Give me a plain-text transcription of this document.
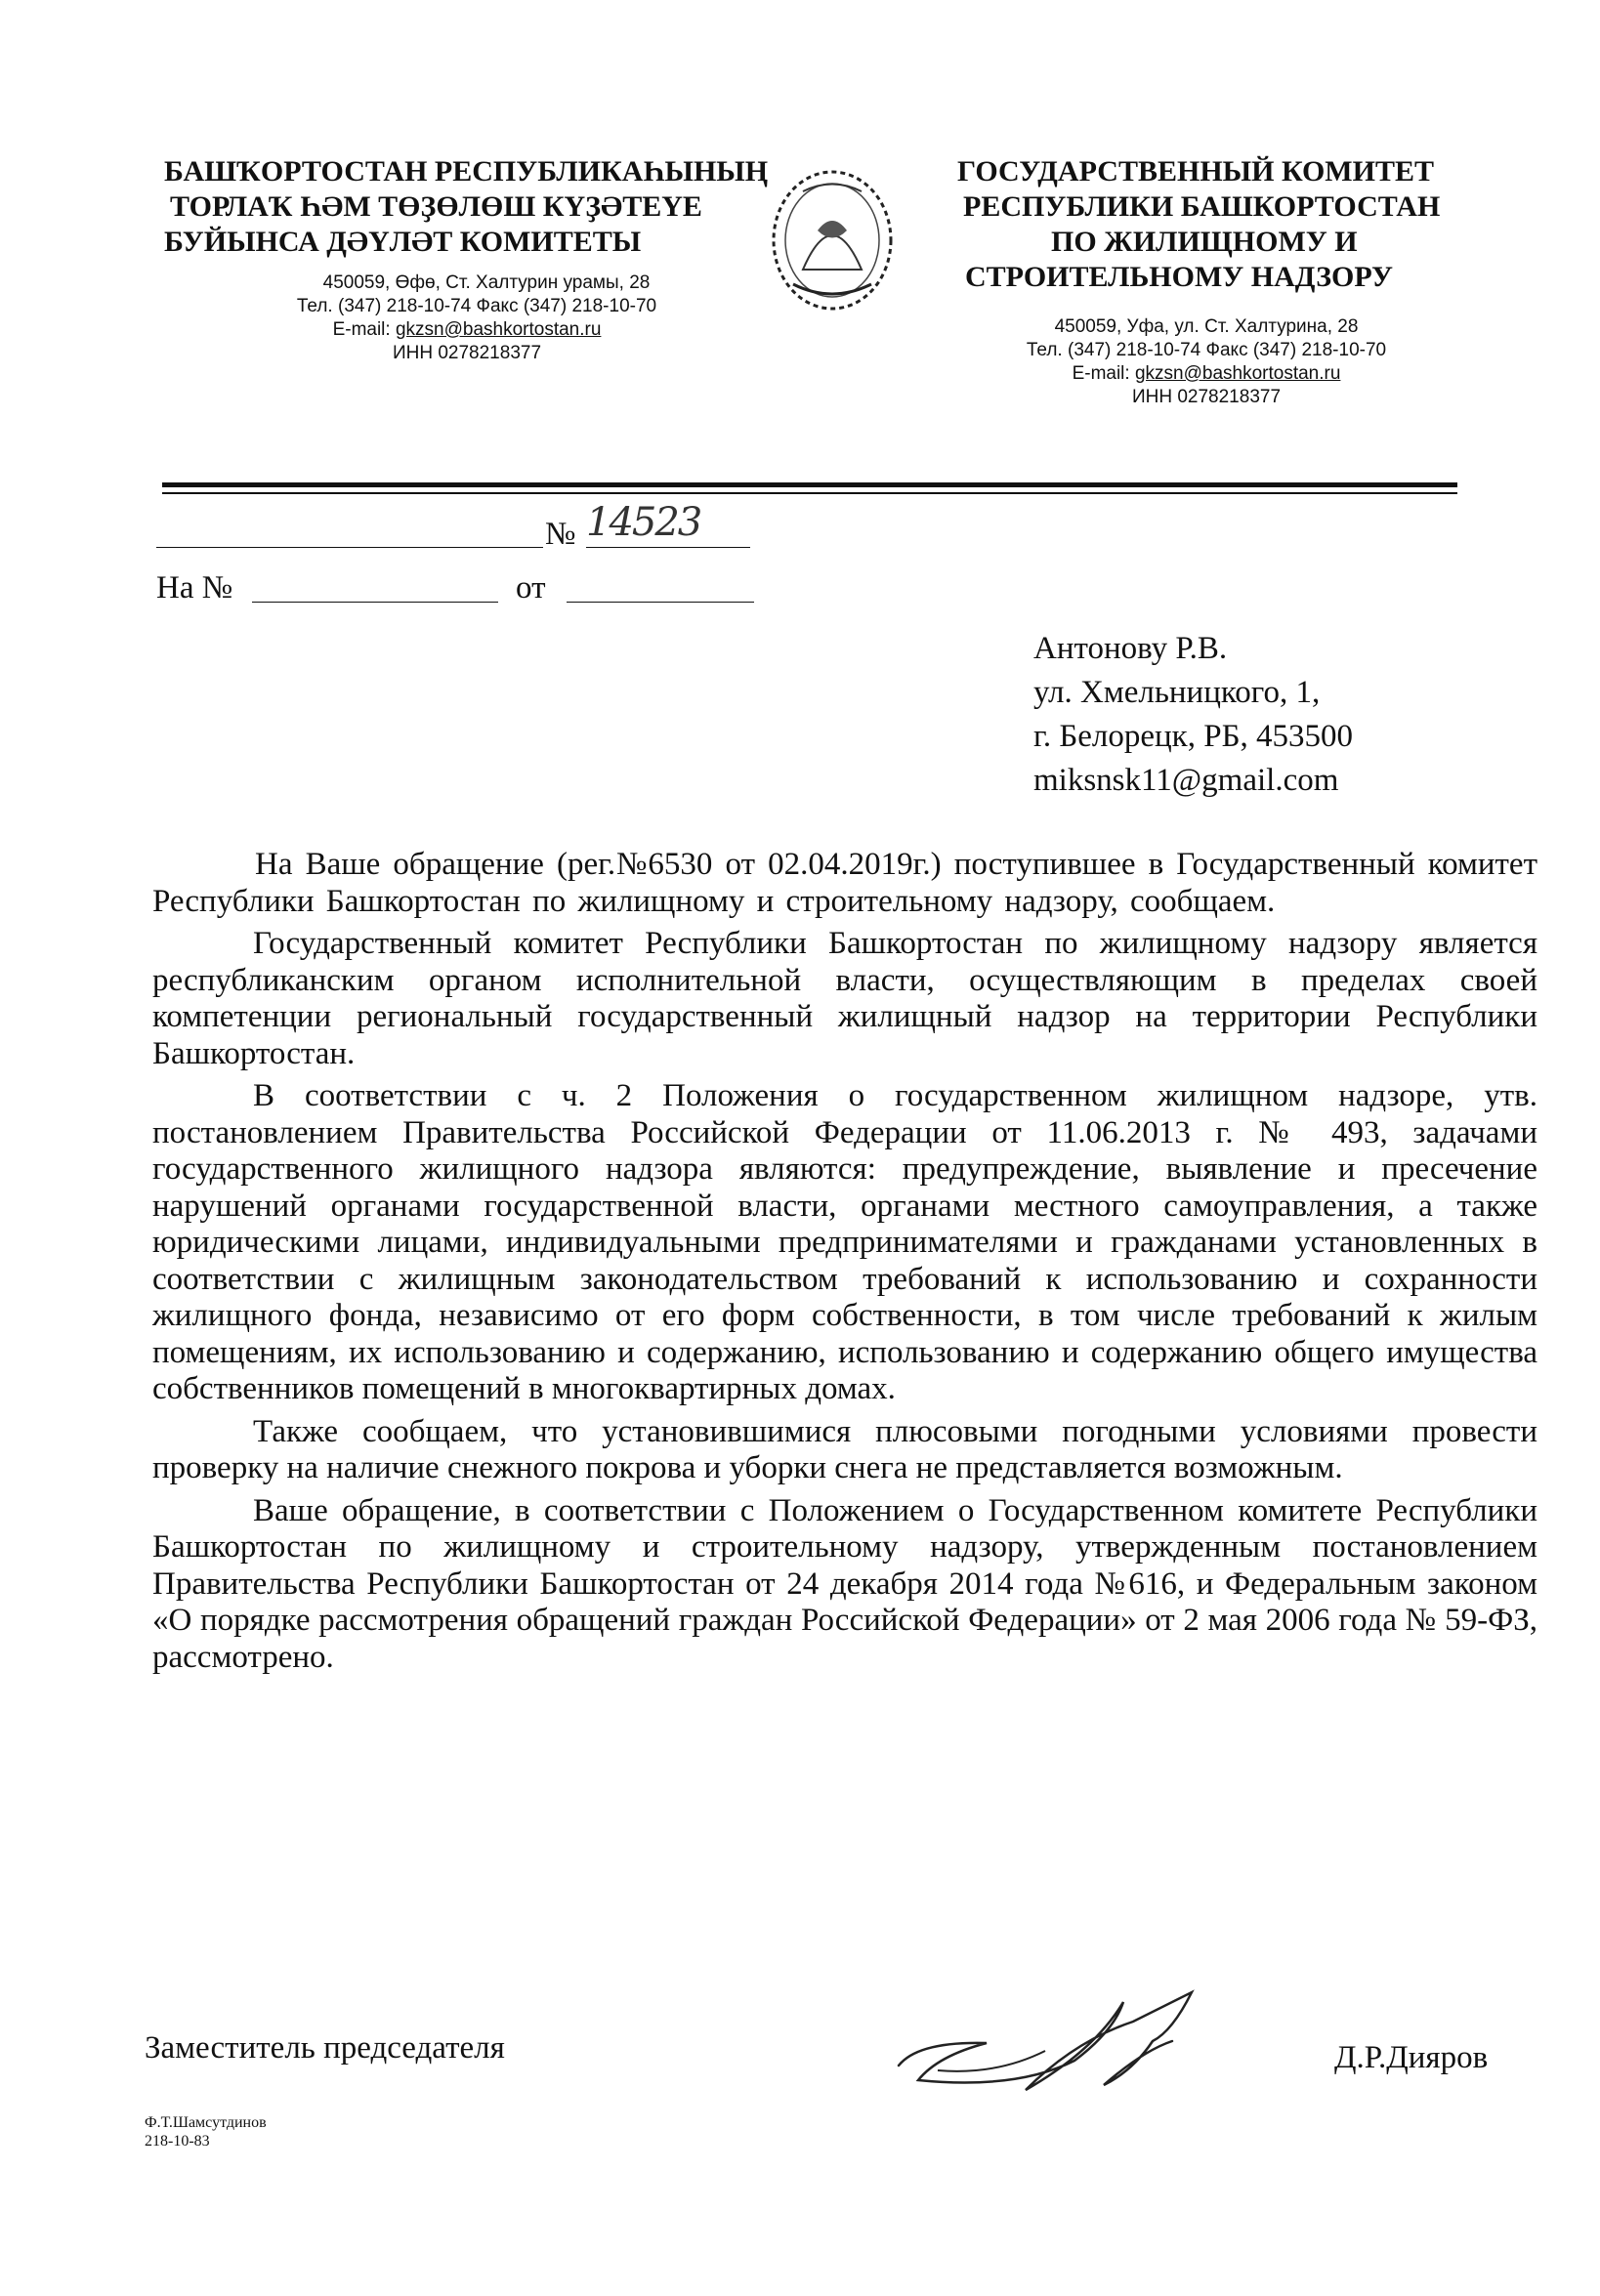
БАШҠОРТОСТАН РЕСПУБЛИКАҺЫНЫҢ
ТОРЛАҠ ҺӘМ ТӨҘӨЛӨШ КҮҘӘТЕҮЕ
БУЙЫНСА ДӘҮЛӘТ КОМИТЕТЫ
450059, Өфө, Ст. Халтурин урамы, 28
Тел. (347) 218-10-74 Факс (347) 218-10-70
E-mail: gkzsn@bashkortostan.ru
ИНН 0278218377
ГОСУДАРСТВЕННЫЙ КОМИТЕТ
РЕСПУБЛИКИ БАШКОРТОСТАН
ПО ЖИЛИЩНОМУ И
СТРОИТЕЛЬНОМУ НАДЗОРУ
450059, Уфа, ул. Ст. Халтурина, 28
Тел. (347) 218-10-74 Факс (347) 218-10-70
E-mail: gkzsn@bashkortostan.ru
ИНН 0278218377
№ 14523
На №	от
Антонову Р.В.
ул. Хмельницкого, 1,
г. Белорецк, РБ, 453500
miksnsk11@gmail.com

На Ваше обращение (рег.№6530 от 02.04.2019г.) поступившее в Государственный комитет Республики Башкортостан по жилищному и строительному надзору, сообщаем.

Государственный комитет Республики Башкортостан по жилищному надзору является республиканским органом исполнительной власти, осуществляющим в пределах своей компетенции региональный государственный жилищный надзор на территории Республики Башкортостан.

В соответствии с ч. 2 Положения о государственном жилищном надзоре, утв. постановлением Правительства Российской Федерации от 11.06.2013 г. № 493, задачами государственного жилищного надзора являются: предупреждение, выявление и пресечение нарушений органами государственной власти, органами местного самоуправления, а также юридическими лицами, индивидуальными предпринимателями и гражданами установленных в соответствии с жилищным законодательством требований к использованию и сохранности жилищного фонда, независимо от его форм собственности, в том числе требований к жилым помещениям, их использованию и содержанию, использованию и содержанию общего имущества собственников помещений в многоквартирных домах.

Также сообщаем, что установившимися плюсовыми погодными условиями провести проверку на наличие снежного покрова и уборки снега не представляется возможным.

Ваше обращение, в соответствии с Положением о Государственном комитете Республики Башкортостан по жилищному и строительному надзору, утвержденным постановлением Правительства Республики Башкортостан от 24 декабря 2014 года №616, и Федеральным законом «О порядке рассмотрения обращений граждан Российской Федерации» от 2 мая 2006 года № 59-ФЗ, рассмотрено.

Заместитель председателя	Д.Р.Дияров
Ф.Т.Шамсутдинов
218-10-83
